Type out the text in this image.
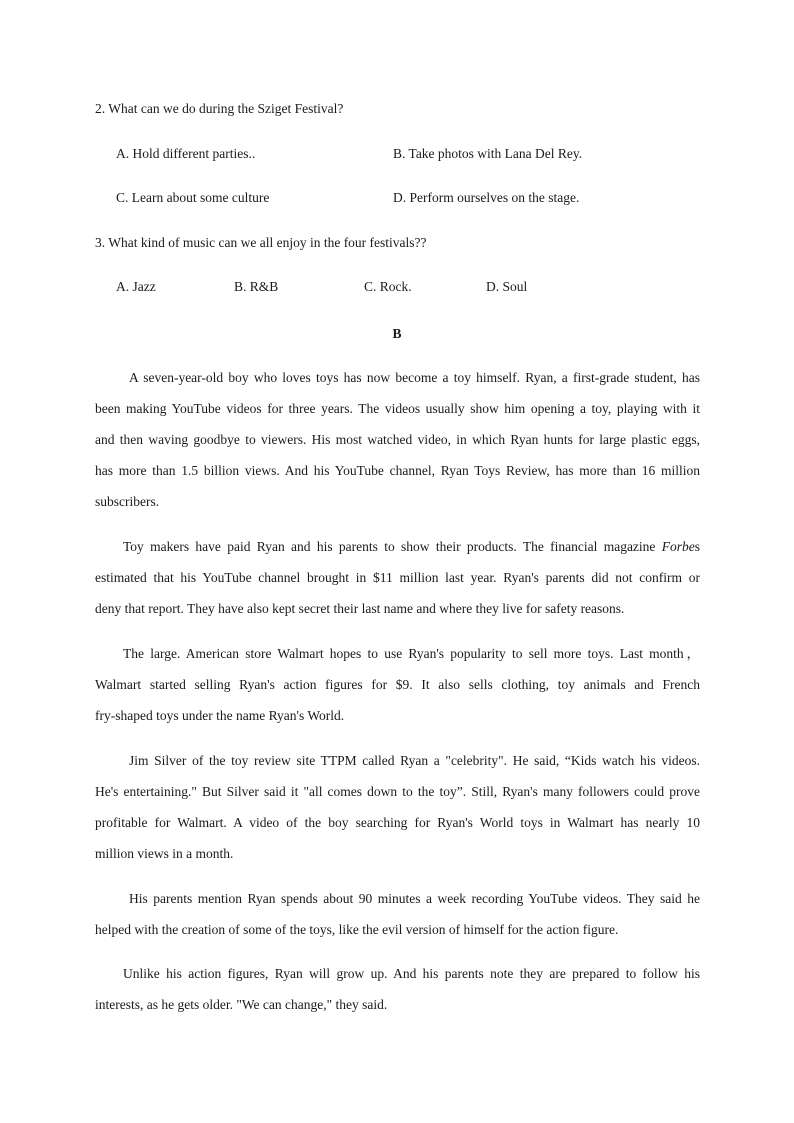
2. What can we do during the Sziget Festival?
A. Hold different parties..	B. Take photos with Lana Del Rey.
C. Learn about some culture	D. Perform ourselves on the stage.
3. What kind of music can we all enjoy in the four festivals??
A. Jazz	B. R&B	C. Rock.	D. Soul
B
A seven-year-old boy who loves toys has now become a toy himself. Ryan, a first-grade student, has
been making YouTube videos for three years. The videos usually show him opening a toy, playing with it
and then waving goodbye to viewers. His most watched video, in which Ryan hunts for large plastic eggs,
has more than 1.5 billion views. And his YouTube channel, Ryan Toys Review, has more than 16 million
subscribers.
Toy makers have paid Ryan and his parents to show their products. The financial magazine Forbes
estimated that his YouTube channel brought in $11 million last year. Ryan's parents did not confirm or
deny that report. They have also kept secret their last name and where they live for safety reasons.
The large. American store Walmart hopes to use Ryan's popularity to sell more toys. Last month，
Walmart started selling Ryan's action figures for $9. It also sells clothing, toy animals and French
fry-shaped toys under the name Ryan's World.
Jim Silver of the toy review site TTPM called Ryan a "celebrity". He said, “Kids watch his videos.
He's entertaining." But Silver said it "all comes down to the toy”. Still, Ryan's many followers could prove
profitable for Walmart. A video of the boy searching for Ryan's World toys in Walmart has nearly 10
million views in a month.
His parents mention Ryan spends about 90 minutes a week recording YouTube videos. They said he
helped with the creation of some of the toys, like the evil version of himself for the action figure.
Unlike his action figures, Ryan will grow up. And his parents note they are prepared to follow his
interests, as he gets older. "We can change," they said.
